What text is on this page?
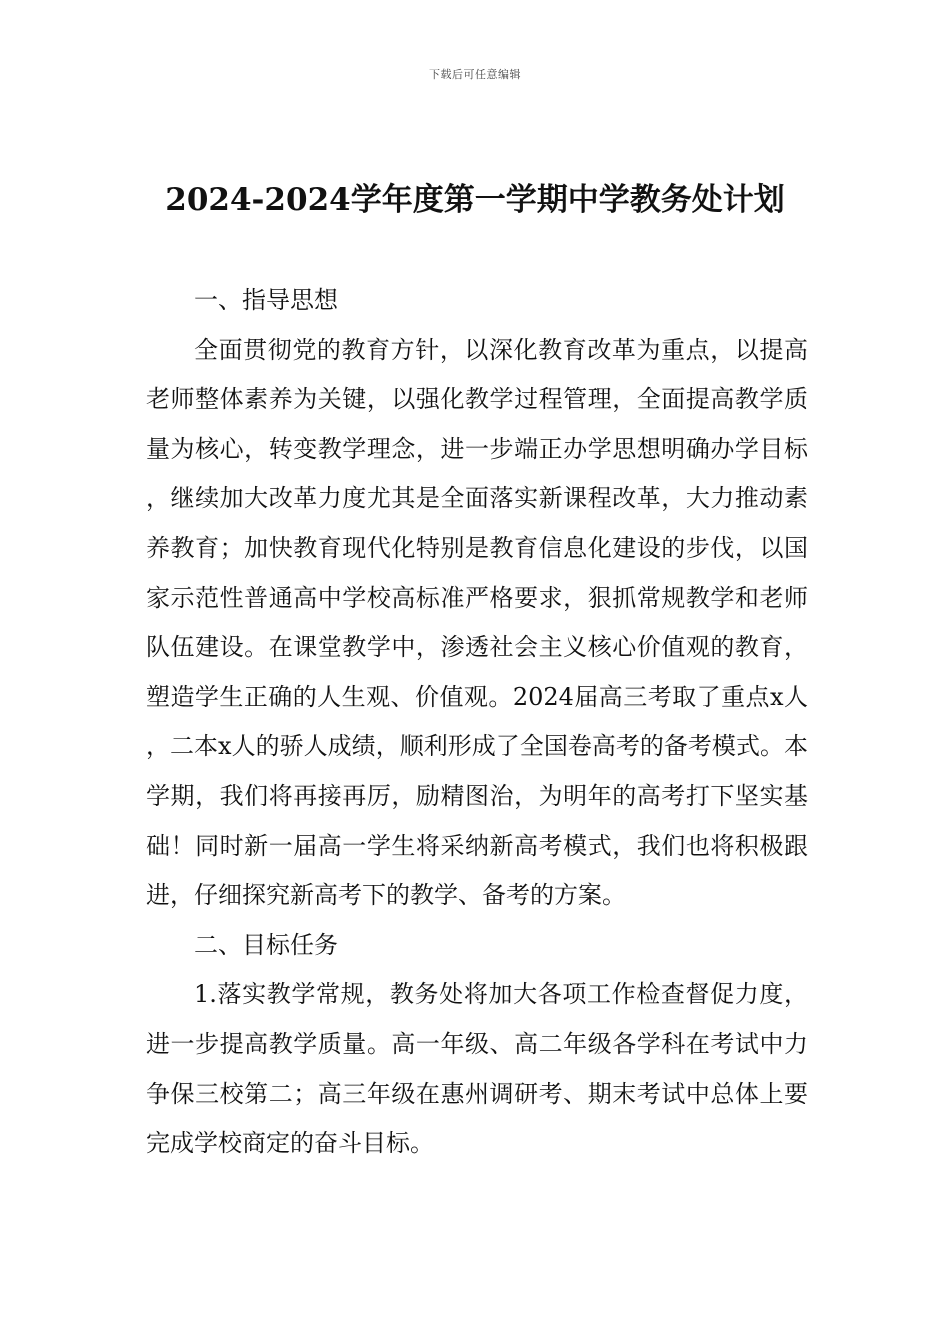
下载后可任意编辑
2024-2024学年度第一学期中学教务处计划

一、指导思想

全面贯彻党的教育方针，以深化教育改革为重点，以提高老师整体素养为关键，以强化教学过程管理，全面提高教学质量为核心，转变教学理念，进一步端正办学思想明确办学目标，继续加大改革力度尤其是全面落实新课程改革，大力推动素养教育；加快教育现代化特别是教育信息化建设的步伐，以国家示范性普通高中学校高标准严格要求，狠抓常规教学和老师队伍建设。在课堂教学中，渗透社会主义核心价值观的教育，塑造学生正确的人生观、价值观。2024届高三考取了重点x人，二本x人的骄人成绩，顺利形成了全国卷高考的备考模式。本学期，我们将再接再厉，励精图治，为明年的高考打下坚实基础！同时新一届高一学生将采纳新高考模式，我们也将积极跟进，仔细探究新高考下的教学、备考的方案。

二、目标任务

1.落实教学常规，教务处将加大各项工作检查督促力度，进一步提高教学质量。高一年级、高二年级各学科在考试中力争保三校第二；高三年级在惠州调研考、期末考试中总体上要完成学校商定的奋斗目标。
